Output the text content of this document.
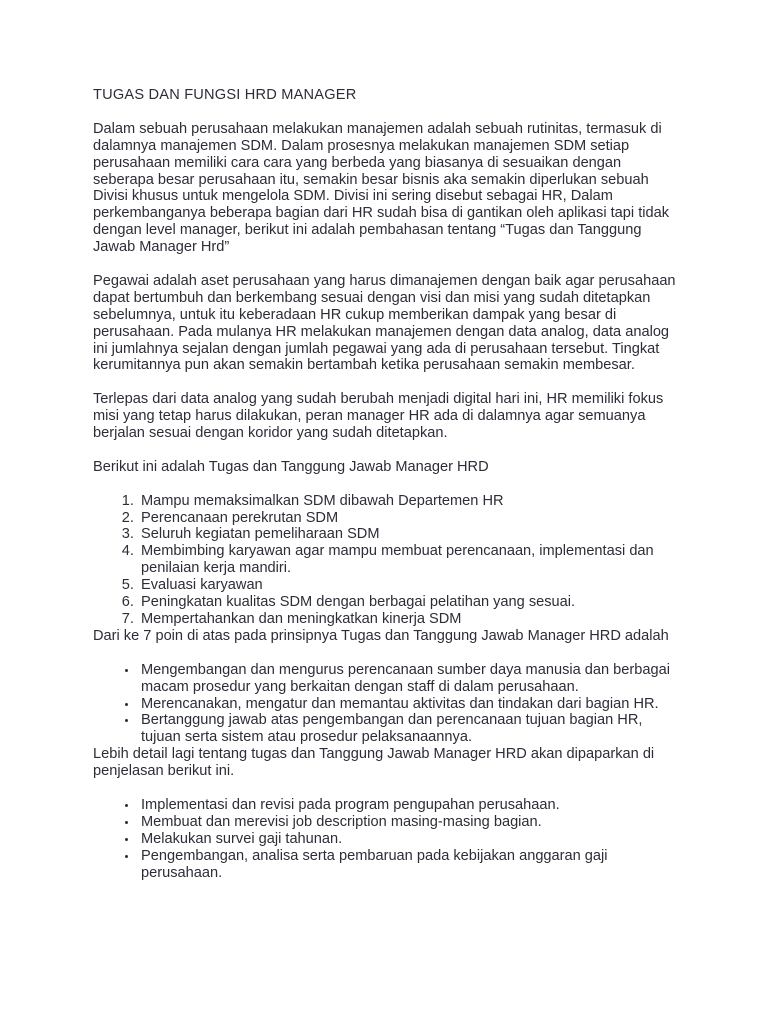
TUGAS DAN FUNGSI HRD MANAGER

Dalam sebuah perusahaan melakukan manajemen adalah sebuah rutinitas, termasuk di dalamnya manajemen SDM. Dalam prosesnya melakukan manajemen SDM setiap perusahaan memiliki cara cara yang berbeda yang biasanya di sesuaikan dengan seberapa besar perusahaan itu, semakin besar bisnis aka semakin diperlukan sebuah Divisi khusus untuk mengelola SDM. Divisi ini sering disebut sebagai HR, Dalam perkembanganya beberapa bagian dari HR sudah bisa di gantikan oleh aplikasi tapi tidak dengan level manager, berikut ini adalah pembahasan tentang “Tugas dan Tanggung Jawab Manager Hrd”

Pegawai adalah aset perusahaan yang harus dimanajemen dengan baik agar perusahaan dapat bertumbuh dan berkembang sesuai dengan visi dan misi yang sudah ditetapkan sebelumnya, untuk itu keberadaan HR cukup memberikan dampak yang besar di perusahaan. Pada mulanya HR melakukan manajemen dengan data analog, data analog ini jumlahnya sejalan dengan jumlah pegawai yang ada di perusahaan tersebut. Tingkat kerumitannya pun akan semakin bertambah ketika perusahaan semakin membesar.

Terlepas dari data analog yang sudah berubah menjadi digital hari ini, HR memiliki fokus misi yang tetap harus dilakukan, peran manager HR ada di dalamnya agar semuanya berjalan sesuai dengan koridor yang sudah ditetapkan.

Berikut ini adalah Tugas dan Tanggung Jawab Manager HRD

1. Mampu memaksimalkan SDM dibawah Departemen HR
2. Perencanaan perekrutan SDM
3. Seluruh kegiatan pemeliharaan SDM
4. Membimbing karyawan agar mampu membuat perencanaan, implementasi dan penilaian kerja mandiri.
5. Evaluasi karyawan
6. Peningkatan kualitas SDM dengan berbagai pelatihan yang sesuai.
7. Mempertahankan dan meningkatkan kinerja SDM

Dari ke 7 poin di atas pada prinsipnya Tugas dan Tanggung Jawab Manager HRD adalah

• Mengembangan dan mengurus perencanaan sumber daya manusia dan berbagai macam prosedur yang berkaitan dengan staff di dalam perusahaan.
• Merencanakan, mengatur dan memantau aktivitas dan tindakan dari bagian HR.
• Bertanggung jawab atas pengembangan dan perencanaan tujuan bagian HR, tujuan serta sistem atau prosedur pelaksanaannya.

Lebih detail lagi tentang tugas dan Tanggung Jawab Manager HRD akan dipaparkan di penjelasan berikut ini.

• Implementasi dan revisi pada program pengupahan perusahaan.
• Membuat dan merevisi job description masing-masing bagian.
• Melakukan survei gaji tahunan.
• Pengembangan, analisa serta pembaruan pada kebijakan anggaran gaji perusahaan.
